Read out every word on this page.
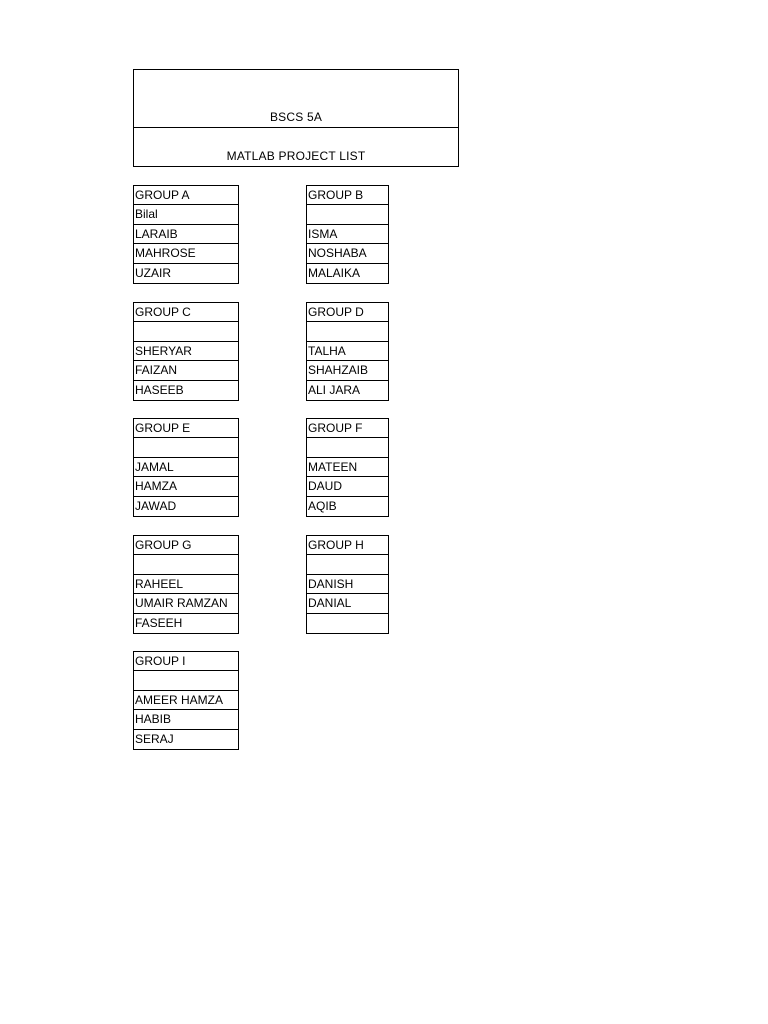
BSCS 5A
MATLAB PROJECT LIST
GROUP A
Bilal
LARAIB
MAHROSE
UZAIR
GROUP B
ISMA
NOSHABA
MALAIKA
GROUP C
SHERYAR
FAIZAN
HASEEB
GROUP D
TALHA
SHAHZAIB
ALI JARA
GROUP E
JAMAL
HAMZA
JAWAD
GROUP F
MATEEN
DAUD
AQIB
GROUP G
RAHEEL
UMAIR RAMZAN
FASEEH
GROUP H
DANISH
DANIAL
GROUP I
AMEER HAMZA
HABIB
SERAJ
